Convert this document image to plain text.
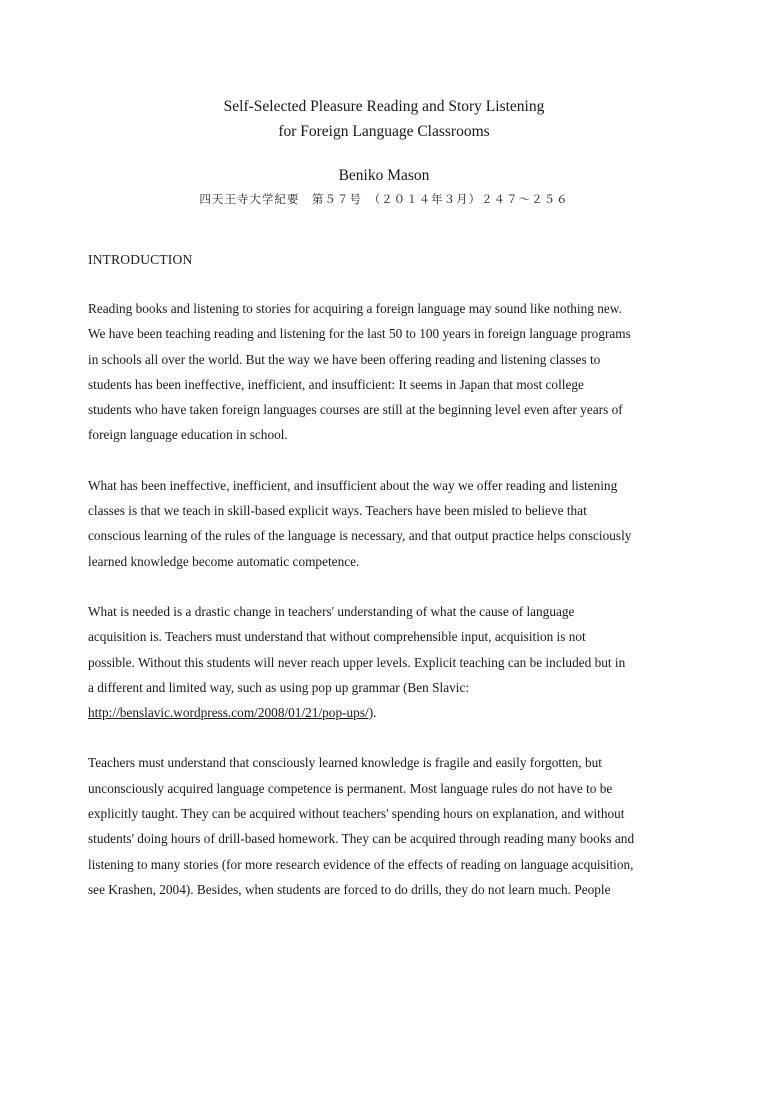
Self-Selected Pleasure Reading and Story Listening
for Foreign Language Classrooms
Beniko Mason
四天王寺大学紀要　第５７号　（２０１４年３月）２４７～２５６
INTRODUCTION

Reading books and listening to stories for acquiring a foreign language may sound like nothing new.
We have been teaching reading and listening for the last 50 to 100 years in foreign language programs
in schools all over the world. But the way we have been offering reading and listening classes to
students has been ineffective, inefficient, and insufficient: It seems in Japan that most college
students who have taken foreign languages courses are still at the beginning level even after years of
foreign language education in school.

What has been ineffective, inefficient, and insufficient about the way we offer reading and listening
classes is that we teach in skill-based explicit ways. Teachers have been misled to believe that
conscious learning of the rules of the language is necessary, and that output practice helps consciously
learned knowledge become automatic competence.

What is needed is a drastic change in teachers' understanding of what the cause of language
acquisition is. Teachers must understand that without comprehensible input, acquisition is not
possible. Without this students will never reach upper levels. Explicit teaching can be included but in
a different and limited way, such as using pop up grammar (Ben Slavic:
http://benslavic.wordpress.com/2008/01/21/pop-ups/).

Teachers must understand that consciously learned knowledge is fragile and easily forgotten, but
unconsciously acquired language competence is permanent. Most language rules do not have to be
explicitly taught. They can be acquired without teachers' spending hours on explanation, and without
students' doing hours of drill-based homework. They can be acquired through reading many books and
listening to many stories (for more research evidence of the effects of reading on language acquisition,
see Krashen, 2004). Besides, when students are forced to do drills, they do not learn much. People
